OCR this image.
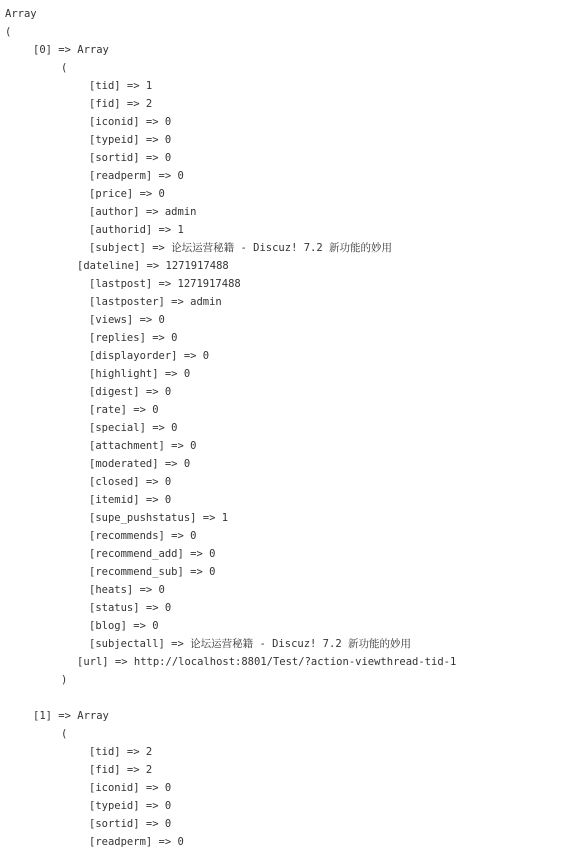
Array
(
[0] => Array
(
[tid] => 1
[fid] => 2
[iconid] => 0
[typeid] => 0
[sortid] => 0
[readperm] => 0
[price] => 0
[author] => admin
[authorid] => 1
[subject] => 论坛运营秘籍 - Discuz! 7.2 新功能的妙用
[dateline] => 1271917488
[lastpost] => 1271917488
[lastposter] => admin
[views] => 0
[replies] => 0
[displayorder] => 0
[highlight] => 0
[digest] => 0
[rate] => 0
[special] => 0
[attachment] => 0
[moderated] => 0
[closed] => 0
[itemid] => 0
[supe_pushstatus] => 1
[recommends] => 0
[recommend_add] => 0
[recommend_sub] => 0
[heats] => 0
[status] => 0
[blog] => 0
[subjectall] => 论坛运营秘籍 - Discuz! 7.2 新功能的妙用
[url] => http://localhost:8801/Test/?action-viewthread-tid-1
)
[1] => Array
(
[tid] => 2
[fid] => 2
[iconid] => 0
[typeid] => 0
[sortid] => 0
[readperm] => 0
